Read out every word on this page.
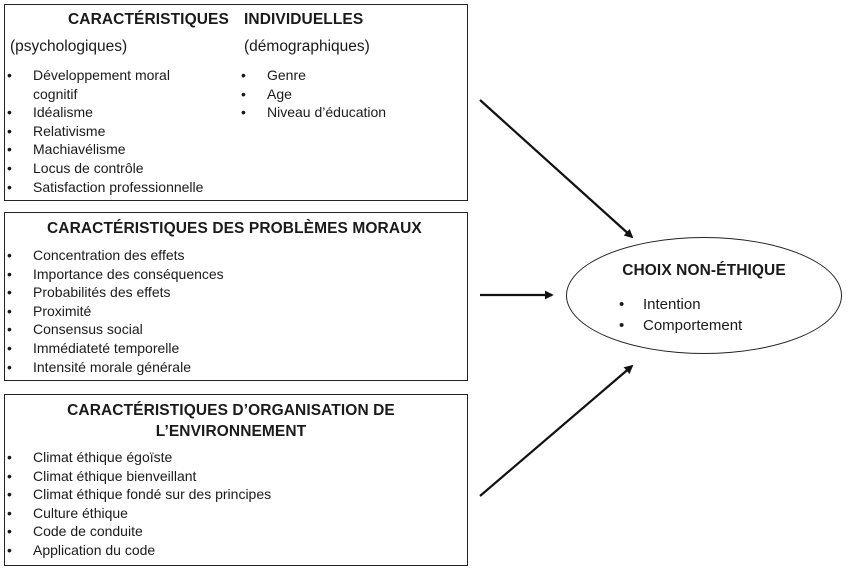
CARACTÉRISTIQUES INDIVIDUELLES
(psychologiques)	(démographiques)
• Développement moral cognitif
• Idéalisme
• Relativisme
• Machiavélisme
• Locus de contrôle
• Satisfaction professionnelle
• Genre
• Age
• Niveau d’éducation
CARACTÉRISTIQUES DES PROBLÈMES MORAUX
• Concentration des effets
• Importance des conséquences
• Probabilités des effets
• Proximité
• Consensus social
• Immédiateté temporelle
• Intensité morale générale
CARACTÉRISTIQUES D’ORGANISATION DE
L’ENVIRONNEMENT
• Climat éthique égoïste
• Climat éthique bienveillant
• Climat éthique fondé sur des principes
• Culture éthique
• Code de conduite
• Application du code
CHOIX NON-ÉTHIQUE
• Intention
• Comportement
